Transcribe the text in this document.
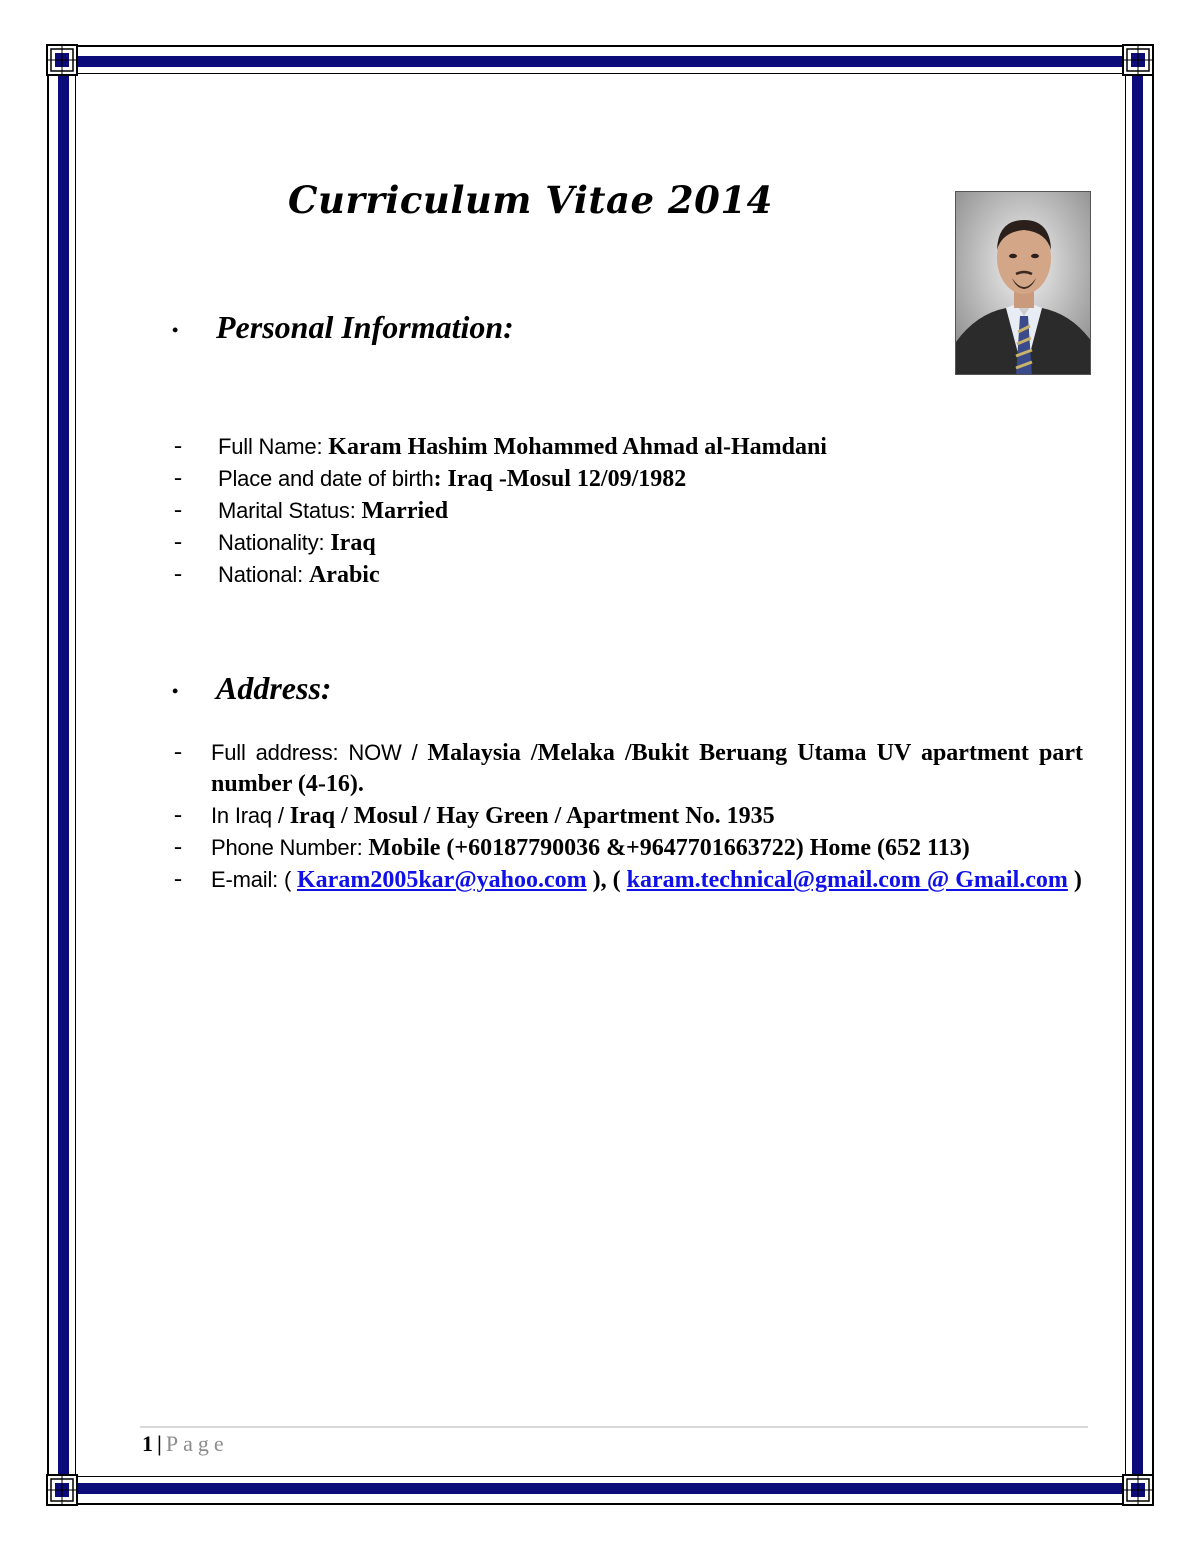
Curriculum Vitae 2014
• Personal Information:
- Full Name: Karam Hashim Mohammed Ahmad al-Hamdani
- Place and date of birth: Iraq -Mosul 12/09/1982
- Marital Status: Married
- Nationality: Iraq
- National: Arabic
• Address:
- Full address: NOW / Malaysia /Melaka /Bukit Beruang Utama UV apartment part number (4-16).
- In Iraq / Iraq / Mosul / Hay Green / Apartment No. 1935
- Phone Number: Mobile (+60187790036 &+9647701663722) Home (652 113)
- E-mail: ( Karam2005kar@yahoo.com ), ( karam.technical@gmail.com @ Gmail.com )
1 | Page
